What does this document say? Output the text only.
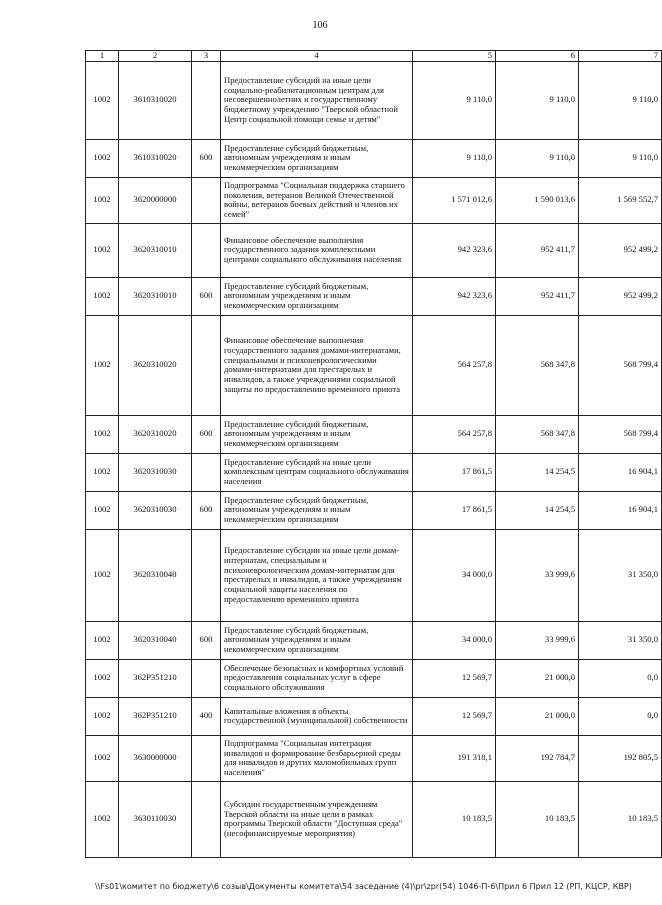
106
1	2	3	4	5	6	7
1002	3610310020		Предоставление субсидий на иные цели социально-реабилитационным центрам для несовершеннолетних и государственному бюджетному учреждению "Тверской областной Центр социальной помощи семье и детям"	9 110,0	9 110,0	9 110,0
1002	3610310020	600	Предоставление субсидий бюджетным, автономным учреждениям и иным некоммерческим организациям	9 110,0	9 110,0	9 110,0
1002	3620000000		Подпрограмма "Социальная поддержка старшего поколения, ветеранов Великой Отечественной войны, ветеранов боевых действий и членов их семей"	1 571 012,6	1 590 013,6	1 569 552,7
1002	3620310010		Финансовое обеспечение выполнения государственного задания комплексными центрами социального обслуживания населения	942 323,6	952 411,7	952 499,2
1002	3620310010	600	Предоставление субсидий бюджетным, автономным учреждениям и иным некоммерческим организациям	942 323,6	952 411,7	952 499,2
1002	3620310020		Финансовое обеспечение выполнения государственного задания домами-интернатами, специальными и психоневрологическими домами-интернатами для престарелых и инвалидов, а также учреждениями социальной защиты по предоставлению временного приюта	564 257,8	568 347,8	568 799,4
1002	3620310020	600	Предоставление субсидий бюджетным, автономным учреждениям и иным некоммерческим организациям	564 257,8	568 347,8	568 799,4
1002	3620310030		Предоставление субсидий на иные цели комплексным центрам социального обслуживания населения	17 861,5	14 254,5	16 904,1
1002	3620310030	600	Предоставление субсидий бюджетным, автономным учреждениям и иным некоммерческим организациям	17 861,5	14 254,5	16 904,1
1002	3620310040		Предоставление субсидии на иные цели домам-интернатам, специальным и психоневрологическим домам-интернатам для престарелых и инвалидов, а также учреждениям социальной защиты населения по предоставлению временного приюта	34 000,0	33 999,6	31 350,0
1002	3620310040	600	Предоставление субсидий бюджетным, автономным учреждениям и иным некоммерческим организациям	34 000,0	33 999,6	31 350,0
1002	362P351210		Обеспечение безопасных и комфортных условий предоставления социальных услуг в сфере социального обслуживания	12 569,7	21 000,0	0,0
1002	362P351210	400	Капитальные вложения в объекты государственной (муниципальной) собственности	12 569,7	21 000,0	0,0
1002	3630000000		Подпрограмма "Социальная интеграция инвалидов и формирование безбарьерной среды для инвалидов и других маломобильных групп населения"	191 318,1	192 784,7	192 805,5
1002	3630110030		Субсидии государственным учреждениям Тверской области на иные цели в рамках программы Тверской области "Доступная среда" (несофинансируемые мероприятия)	10 183,5	10 183,5	10 183,5
\\Fs01\комитет по бюджету\6 созыв\Документы комитета\54 заседание (4)\pr\zpr(54) 1046-П-6\Прил 6 Прил 12 (РП, КЦСР, КВР)
